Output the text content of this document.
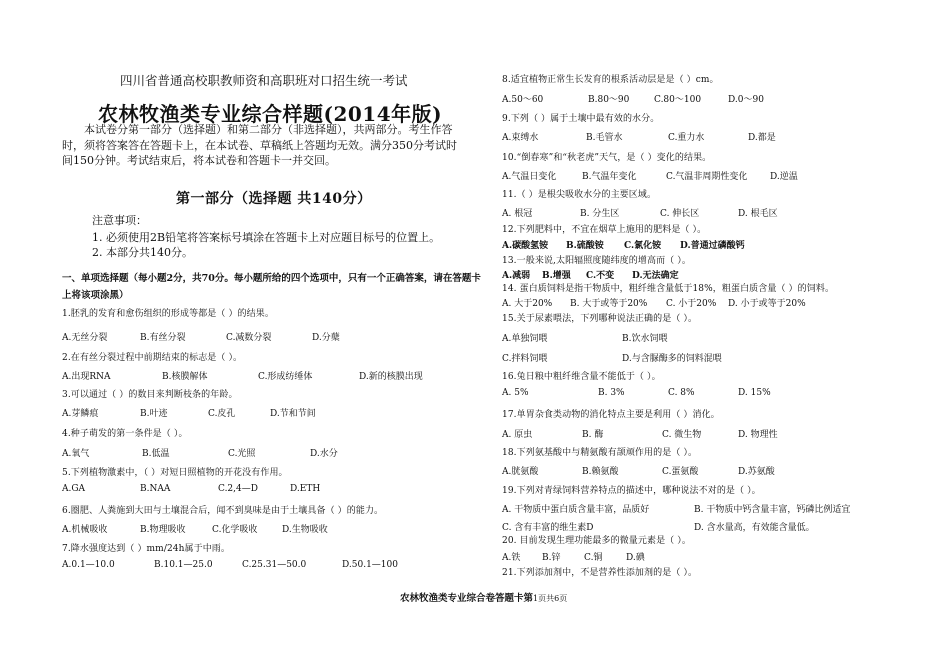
四川省普通高校职教师资和高职班对口招生统一考试
农林牧渔类专业综合样题(2014年版)
本试卷分第一部分（选择题）和第二部分（非选择题），共两部分。考生作答时，须将答案答在答题卡上，在本试卷、草稿纸上答题均无效。满分350分考试时间150分钟。考试结束后，将本试卷和答题卡一并交回。
第一部分（选择题 共140分）
注意事项：
1. 必须使用2B铅笔将答案标号填涂在答题卡上对应题目标号的位置上。
2. 本部分共140分。
一、单项选择题（每小题2分，共70分。每小题所给的四个选项中，只有一个正确答案，请在答题卡上将该项涂黑）
1.胚乳的发育和愈伤组织的形成等都是（ ）的结果。
A.无丝分裂	B.有丝分裂	C.减数分裂	D.分蘖
2.在有丝分裂过程中前期结束的标志是（ ）。
A.出现RNA	B.核膜解体	C.形成纺缍体	D.新的核膜出现
3.可以通过（ ）的数目来判断枝条的年龄。
A.芽鳞痕	B.叶迹	C.皮孔	D.节和节间
4.种子萌发的第一条件是（ ）。
A.氧气	B.低温	C.光照	D.水分
5.下列植物激素中，（ ）对短日照植物的开花没有作用。
A.GA	B.NAA	C.2,4—D	D.ETH
6.圈肥、人粪施到大田与土壤混合后，闻不到臭味是由于土壤具备（ ）的能力。
A.机械吸收	B.物理吸收	C.化学吸收	D.生物吸收
7.降水强度达到（ ）mm/24h属于中雨。
A.0.1—10.0	B.10.1—25.0	C.25.31—50.0	D.50.1—100
8.适宜植物正常生长发育的根系活动层是是（ ）cm。
A.50～60	B.80～90	C.80～100	D.0～90
9.下列（ ）属于土壤中最有效的水分。
A.束缚水	B.毛管水	C.重力水	D.都是
10.“倒春寒”和“秋老虎”天气，是（ ）变化的结果。
A.气温日变化	B.气温年变化	C.气温非周期性变化	D.逆温
11.（ ）是根尖吸收水分的主要区域。
A. 根冠	B. 分生区	C. 伸长区	D. 根毛区
12.下列肥料中，不宜在烟草上施用的肥料是（ ）。
A.碳酸氢铵 B.硫酸铵 C.氯化铵 D.普通过磷酸钙
13.一般来说,太阳辐照度随纬度的增高而（ ）。
A.减弱 B.增强 C.不变 D.无法确定
14. 蛋白质饲料是指干物质中，粗纤维含量低于18%，粗蛋白质含量（ ）的饲料。
A. 大于20% B. 大于或等于20% C. 小于20% D. 小于或等于20%
15.关于尿素喂法，下列哪种说法正确的是（ ）。
A.单独饲喂	B.饮水饲喂
C.拌料饲喂	D.与含脲酶多的饲料混喂
16.兔日粮中粗纤维含量不能低于（ ）。
A. 5%	B. 3%	C. 8%	D. 15%
17.单胃杂食类动物的消化特点主要是利用（ ）消化。
A. 原虫	B. 酶	C. 微生物	D. 物理性
18.下列氨基酸中与精氨酸有颉颃作用的是（ ）。
A.胱氨酸	B.赖氨酸	C.蛋氨酸	D.苏氨酸
19.下列对青绿饲料营养特点的描述中，哪种说法不对的是（ ）。
A. 干物质中蛋白质含量丰富，品质好	B. 干物质中钙含量丰富，钙磷比例适宜
C. 含有丰富的维生素D	D. 含水量高，有效能含量低。
20. 目前发现生理功能最多的微量元素是（ ）。
A.铁 B.锌	C.铜	D.碘
21.下列添加剂中，不是营养性添加剂的是（ ）。
农林牧渔类专业综合卷答题卡第1页共6页
